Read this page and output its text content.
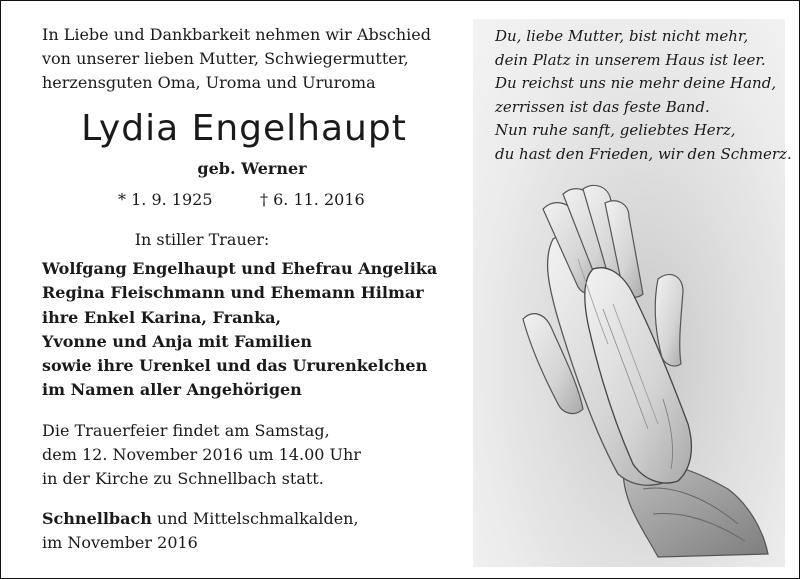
In Liebe und Dankbarkeit nehmen wir Abschied
von unserer lieben Mutter, Schwiegermutter,
herzensguten Oma, Uroma und Ururoma
Lydia Engelhaupt
geb. Werner
* 1. 9. 1925	† 6. 11. 2016
In stiller Trauer:
Wolfgang Engelhaupt und Ehefrau Angelika
Regina Fleischmann und Ehemann Hilmar
ihre Enkel Karina, Franka,
Yvonne und Anja mit Familien
sowie ihre Urenkel und das Ururenkelchen
im Namen aller Angehörigen
Die Trauerfeier findet am Samstag,
dem 12. November 2016 um 14.00 Uhr
in der Kirche zu Schnellbach statt.
Schnellbach und Mittelschmalkalden,
im November 2016
Du, liebe Mutter, bist nicht mehr,
dein Platz in unserem Haus ist leer.
Du reichst uns nie mehr deine Hand,
zerrissen ist das feste Band.
Nun ruhe sanft, geliebtes Herz,
du hast den Frieden, wir den Schmerz.
